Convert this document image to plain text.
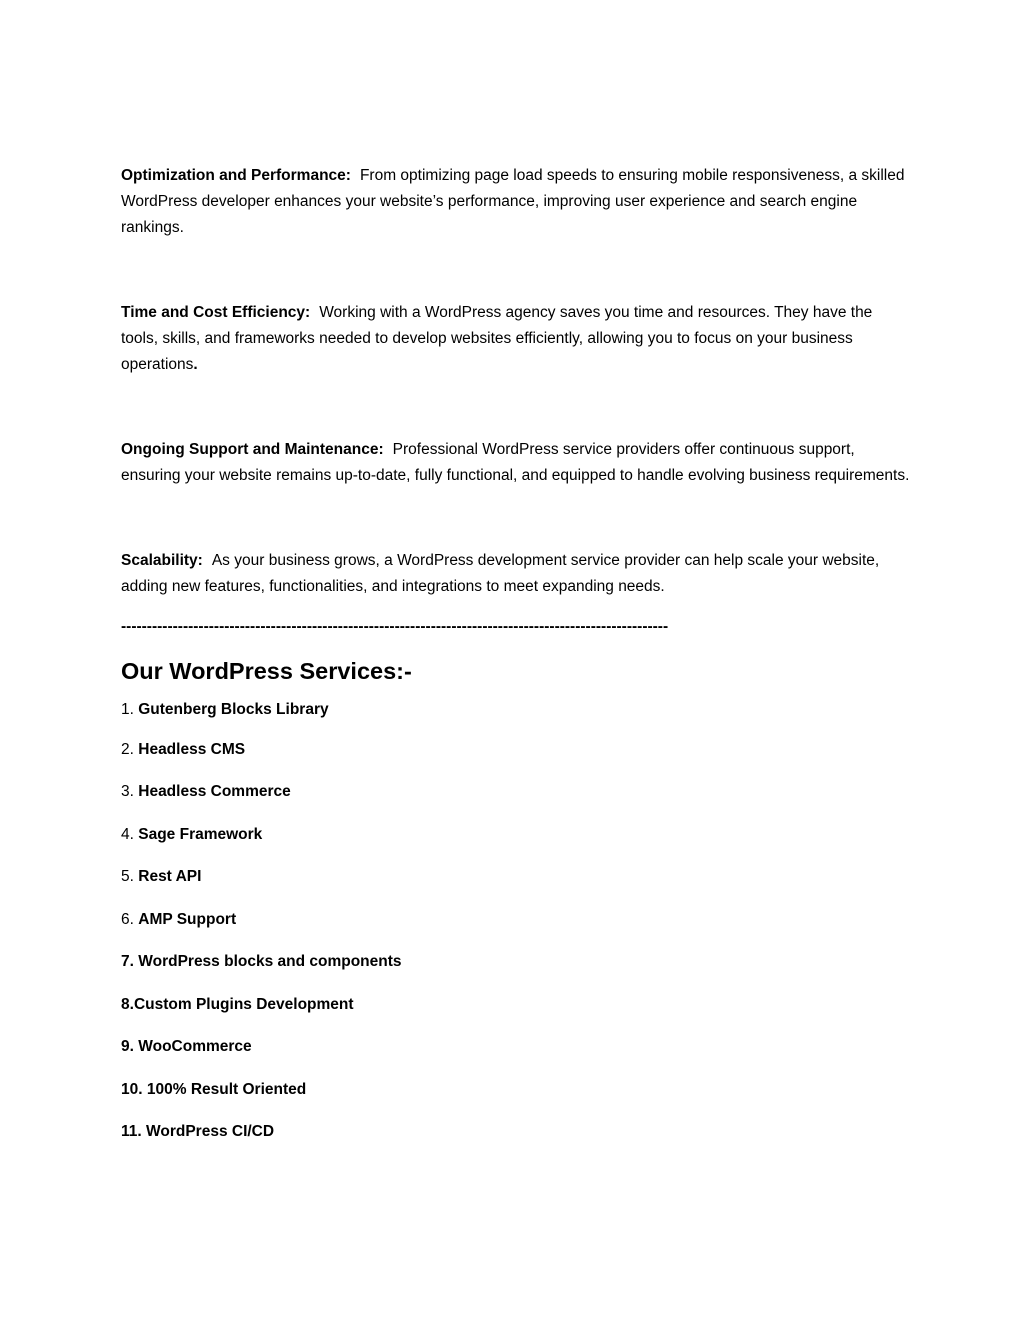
Optimization and Performance: From optimizing page load speeds to ensuring mobile responsiveness, a skilled WordPress developer enhances your website’s performance, improving user experience and search engine rankings.

Time and Cost Efficiency: Working with a WordPress agency saves you time and resources. They have the tools, skills, and frameworks needed to develop websites efficiently, allowing you to focus on your business operations.

Ongoing Support and Maintenance: Professional WordPress service providers offer continuous support, ensuring your website remains up-to-date, fully functional, and equipped to handle evolving business requirements.

Scalability: As your business grows, a WordPress development service provider can help scale your website, adding new features, functionalities, and integrations to meet expanding needs.

----------------------------------------------------------------------------------------------------------
Our WordPress Services:-
1. Gutenberg Blocks Library
2. Headless CMS
3. Headless Commerce
4. Sage Framework
5. Rest API
6. AMP Support
7. WordPress blocks and components
8.Custom Plugins Development
9. WooCommerce
10. 100% Result Oriented
11. WordPress CI/CD
